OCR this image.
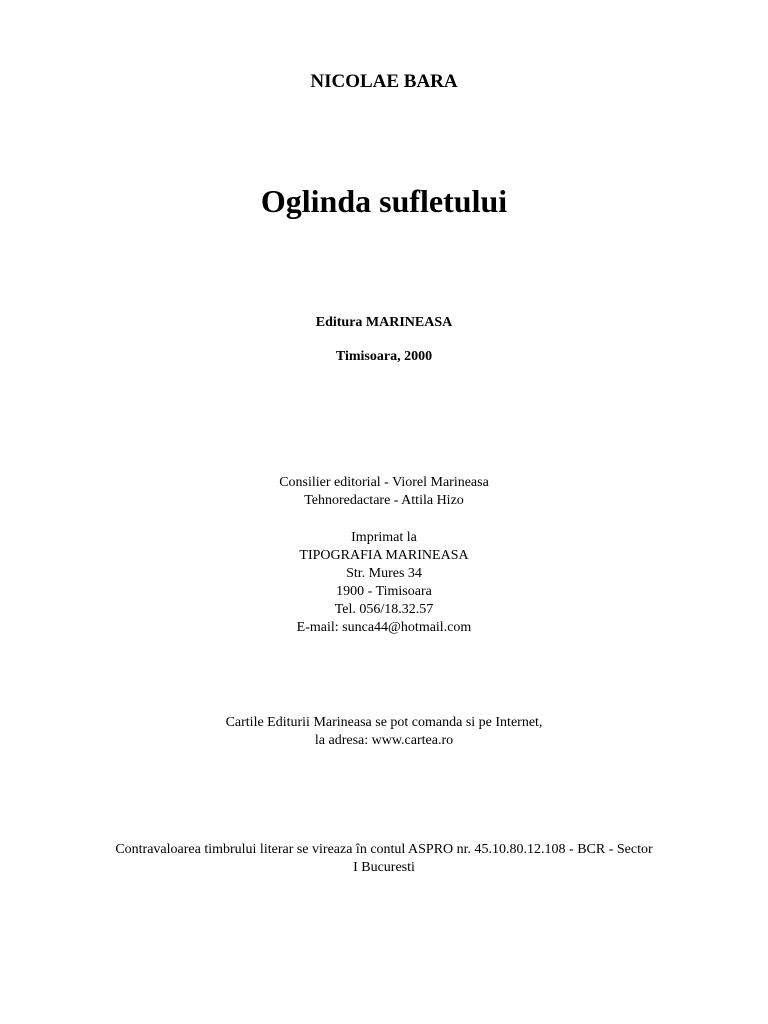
NICOLAE BARA
Oglinda sufletului
Editura MARINEASA
Timisoara, 2000
Consilier editorial - Viorel Marineasa
Tehnoredactare - Attila Hizo
Imprimat la
TIPOGRAFIA MARINEASA
Str. Mures 34
1900 - Timisoara
Tel. 056/18.32.57
E-mail: sunca44@hotmail.com
Cartile Editurii Marineasa se pot comanda si pe Internet,
la adresa: www.cartea.ro
Contravaloarea timbrului literar se vireaza în contul ASPRO nr. 45.10.80.12.108 - BCR - Sector
I Bucuresti
